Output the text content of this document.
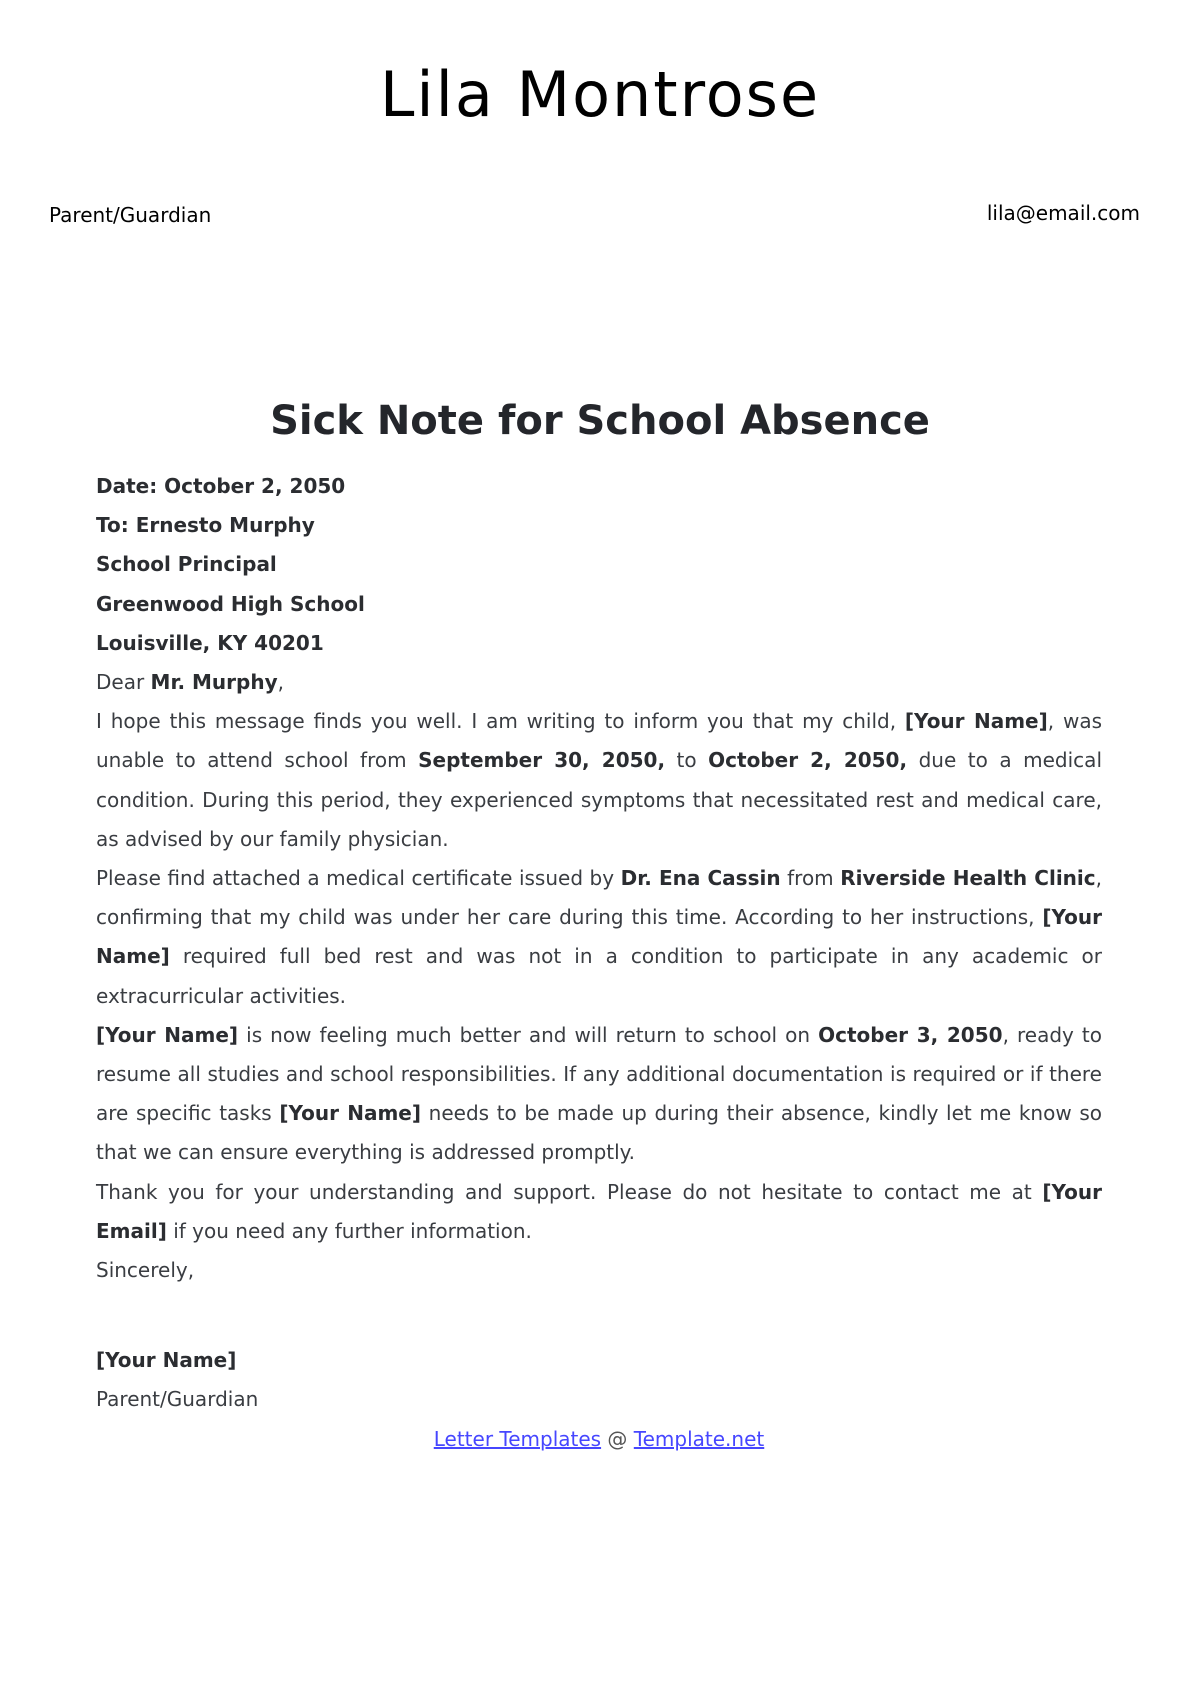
Lila Montrose
Parent/Guardian	lila@email.com
Sick Note for School Absence

Date: October 2, 2050

To: Ernesto Murphy

School Principal

Greenwood High School

Louisville, KY 40201

Dear Mr. Murphy,

I hope this message finds you well. I am writing to inform you that my child, [Your Name], was unable to attend school from September 30, 2050, to October 2, 2050, due to a medical condition. During this period, they experienced symptoms that necessitated rest and medical care, as advised by our family physician.

Please find attached a medical certificate issued by Dr. Ena Cassin from Riverside Health Clinic, confirming that my child was under her care during this time. According to her instructions, [Your Name] required full bed rest and was not in a condition to participate in any academic or extracurricular activities.

[Your Name] is now feeling much better and will return to school on October 3, 2050, ready to resume all studies and school responsibilities. If any additional documentation is required or if there are specific tasks [Your Name] needs to be made up during their absence, kindly let me know so that we can ensure everything is addressed promptly.

Thank you for your understanding and support. Please do not hesitate to contact me at [Your Email] if you need any further information.

Sincerely,

[Your Name]

Parent/Guardian

Letter Templates @ Template.net
